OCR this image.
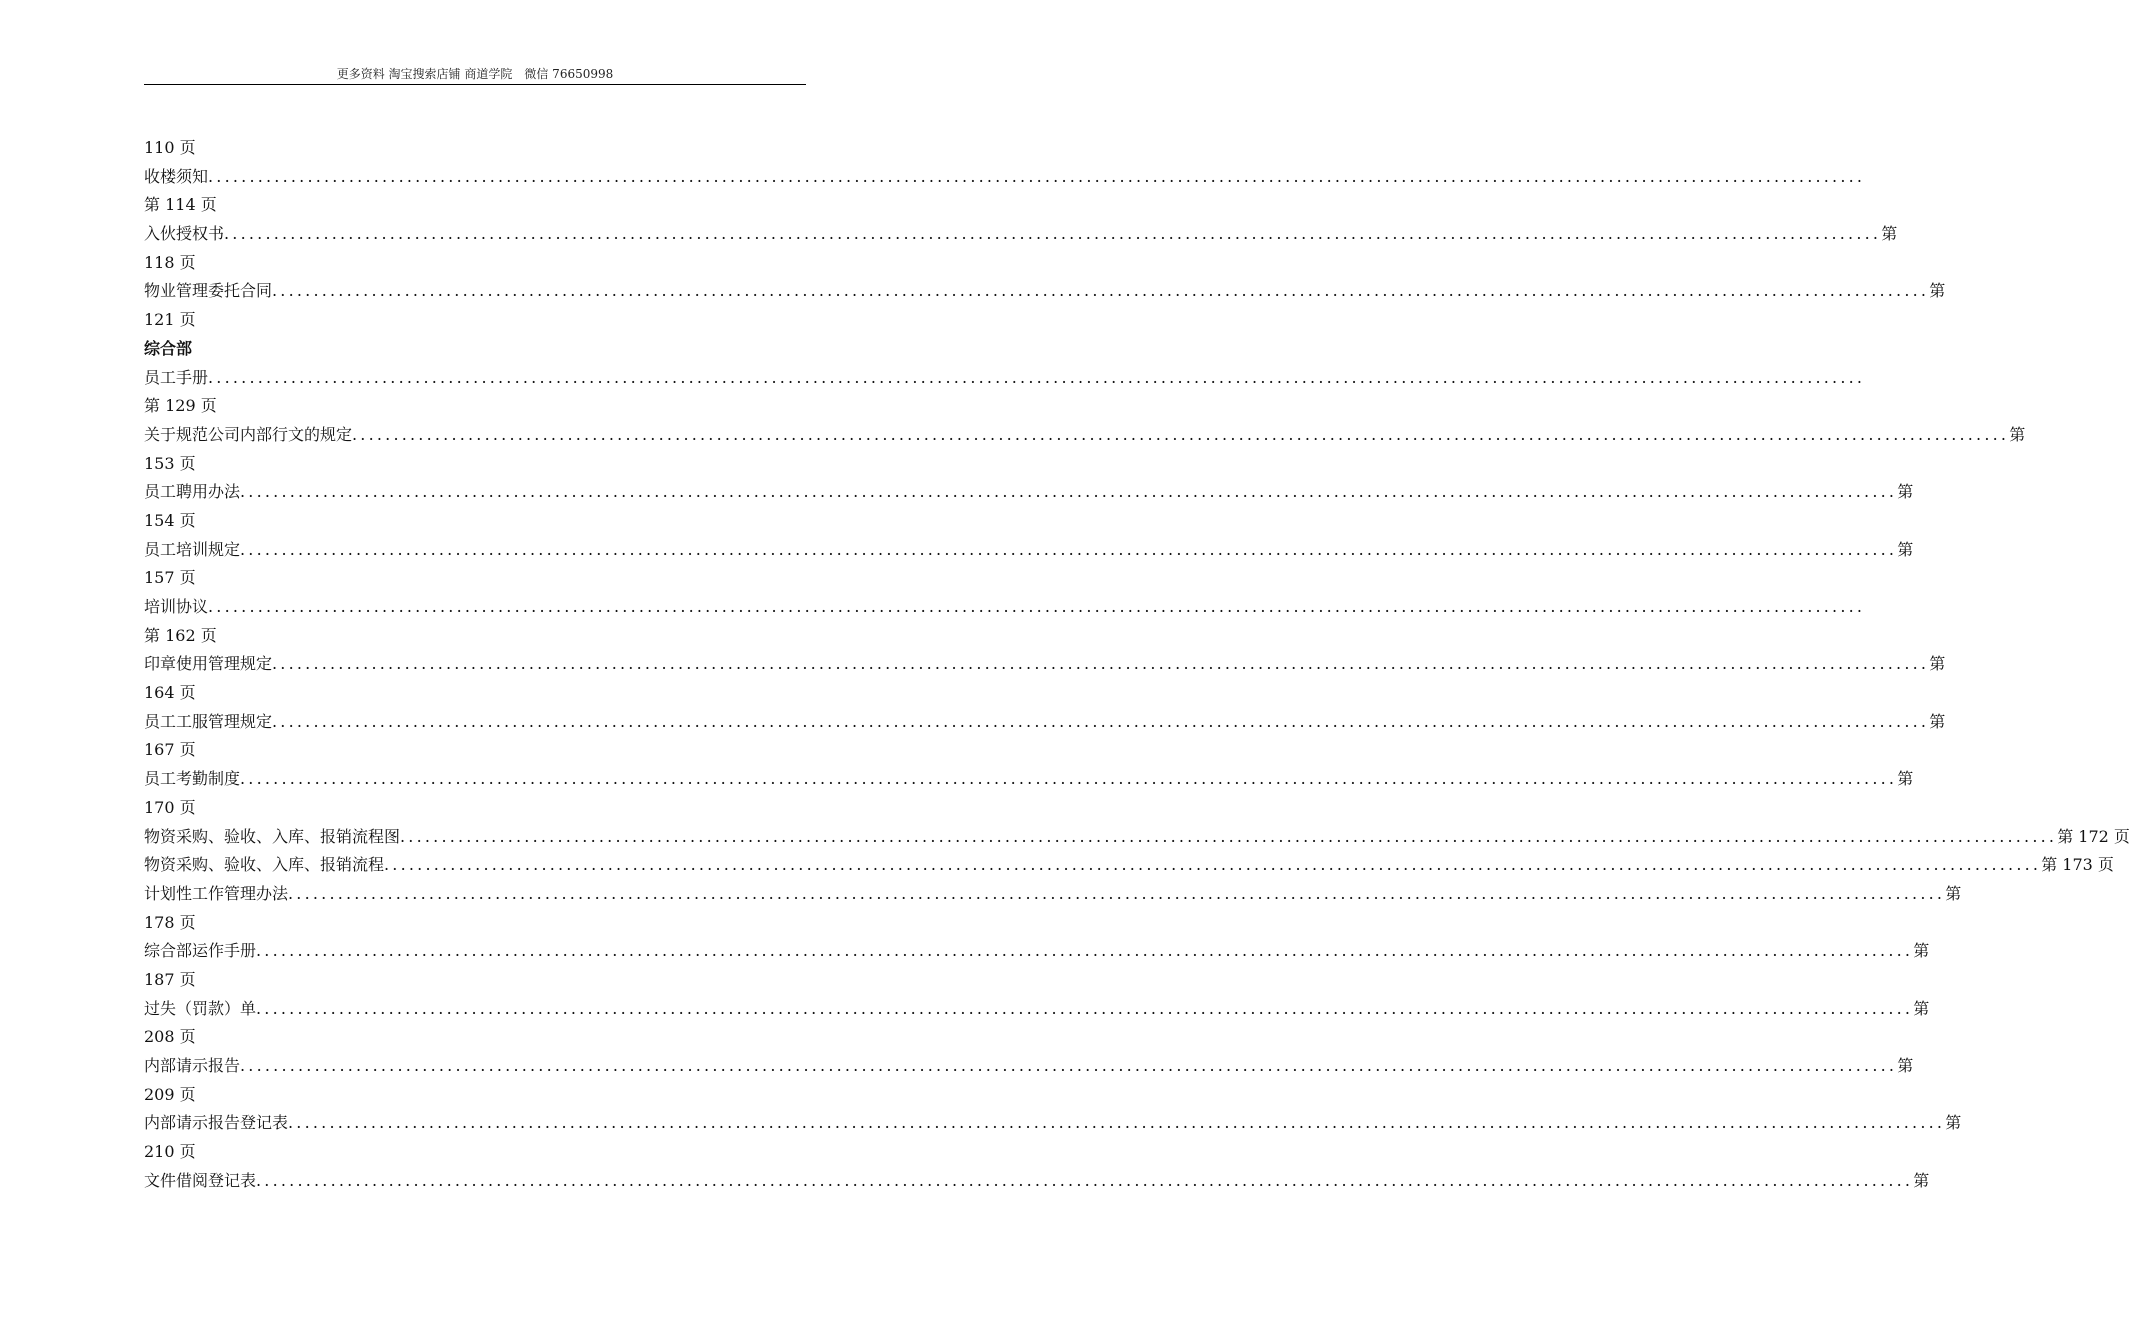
更多资料 淘宝搜索店铺 商道学院　微信 76650998
110 页
收楼须知 ........................................................................................................................................................................................................
第 114 页
入伙授权书 ........................................................................................................................................................................................................ 第
118 页
物业管理委托合同 ........................................................................................................................................................................................................ 第
121 页
综合部
员工手册 ........................................................................................................................................................................................................
第 129 页
关于规范公司内部行文的规定 ........................................................................................................................................................................................................ 第
153 页
员工聘用办法 ........................................................................................................................................................................................................ 第
154 页
员工培训规定 ........................................................................................................................................................................................................ 第
157 页
培训协议 ........................................................................................................................................................................................................
第 162 页
印章使用管理规定 ........................................................................................................................................................................................................ 第
164 页
员工工服管理规定 ........................................................................................................................................................................................................ 第
167 页
员工考勤制度 ........................................................................................................................................................................................................ 第
170 页
物资采购、验收、入库、报销流程图 ........................................................................................................................................................................................................ 第 172 页
物资采购、验收、入库、报销流程 ........................................................................................................................................................................................................ 第 173 页
计划性工作管理办法 ........................................................................................................................................................................................................ 第
178 页
综合部运作手册 ........................................................................................................................................................................................................ 第
187 页
过失（罚款）单 ........................................................................................................................................................................................................ 第
208 页
内部请示报告 ........................................................................................................................................................................................................ 第
209 页
内部请示报告登记表 ........................................................................................................................................................................................................ 第
210 页
文件借阅登记表 ........................................................................................................................................................................................................ 第
